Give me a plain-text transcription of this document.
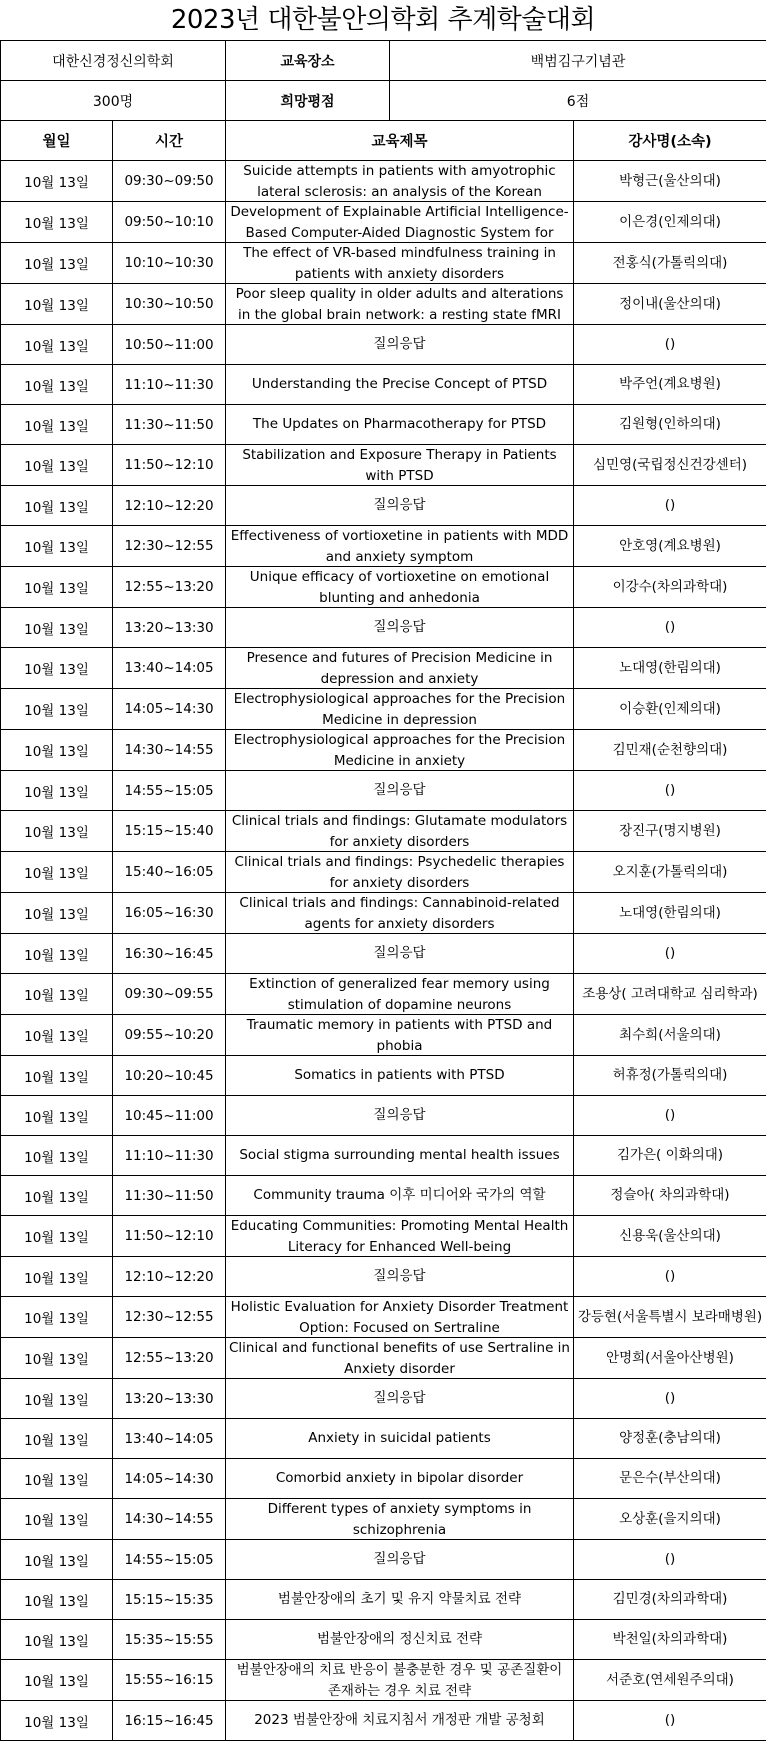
2023년 대한불안의학회 추계학술대회
대한신경정신의학회		교육장소	백범김구기념관	
300명		희망평점	6점	
월일	시간	교육제목		강사명(소속)
10월 13일	09:30~09:50	Suicide attempts in patients with amyotrophic lateral sclerosis: an analysis of the Korean		박형근(울산의대)
10월 13일	09:50~10:10	Development of Explainable Artificial Intelligence-Based Computer-Aided Diagnostic System for		이은경(인제의대)
10월 13일	10:10~10:30	The effect of VR-based mindfulness training in patients with anxiety disorders		전홍식(가톨릭의대)
10월 13일	10:30~10:50	Poor sleep quality in older adults and alterations in the global brain network: a resting state fMRI		정이내(울산의대)
10월 13일	10:50~11:00	질의응답		()
10월 13일	11:10~11:30	Understanding the Precise Concept of PTSD		박주언(계요병원)
10월 13일	11:30~11:50	The Updates on Pharmacotherapy for PTSD		김원형(인하의대)
10월 13일	11:50~12:10	Stabilization and Exposure Therapy in Patients with PTSD		심민영(국립정신건강센터)
10월 13일	12:10~12:20	질의응답		()
10월 13일	12:30~12:55	Effectiveness of vortioxetine in patients with MDD and anxiety symptom		안호영(계요병원)
10월 13일	12:55~13:20	Unique efficacy of vortioxetine on emotional blunting and anhedonia		이강수(차의과학대)
10월 13일	13:20~13:30	질의응답		()
10월 13일	13:40~14:05	Presence and futures of Precision Medicine in depression and anxiety		노대영(한림의대)
10월 13일	14:05~14:30	Electrophysiological approaches for the Precision Medicine in depression		이승환(인제의대)
10월 13일	14:30~14:55	Electrophysiological approaches for the Precision Medicine in anxiety		김민재(순천향의대)
10월 13일	14:55~15:05	질의응답		()
10월 13일	15:15~15:40	Clinical trials and findings: Glutamate modulators for anxiety disorders		장진구(명지병원)
10월 13일	15:40~16:05	Clinical trials and findings: Psychedelic therapies for anxiety disorders		오지훈(가톨릭의대)
10월 13일	16:05~16:30	Clinical trials and findings: Cannabinoid-related agents for anxiety disorders		노대영(한림의대)
10월 13일	16:30~16:45	질의응답		()
10월 13일	09:30~09:55	Extinction of generalized fear memory using stimulation of dopamine neurons		조용상( 고려대학교 심리학과)
10월 13일	09:55~10:20	Traumatic memory in patients with PTSD and phobia		최수희(서울의대)
10월 13일	10:20~10:45	Somatics in patients with PTSD		허휴정(가톨릭의대)
10월 13일	10:45~11:00	질의응답		()
10월 13일	11:10~11:30	Social stigma surrounding mental health issues		김가은( 이화의대)
10월 13일	11:30~11:50	Community trauma 이후 미디어와 국가의 역할		정슬아( 차의과학대)
10월 13일	11:50~12:10	Educating Communities: Promoting Mental Health Literacy for Enhanced Well-being		신용욱(울산의대)
10월 13일	12:10~12:20	질의응답		()
10월 13일	12:30~12:55	Holistic Evaluation for Anxiety Disorder Treatment Option: Focused on Sertraline		강등현(서울특별시 보라매병원)
10월 13일	12:55~13:20	Clinical and functional benefits of use Sertraline in Anxiety disorder		안명희(서울아산병원)
10월 13일	13:20~13:30	질의응답		()
10월 13일	13:40~14:05	Anxiety in suicidal patients		양정훈(충남의대)
10월 13일	14:05~14:30	Comorbid anxiety in bipolar disorder		문은수(부산의대)
10월 13일	14:30~14:55	Different types of anxiety symptoms in schizophrenia		오상훈(을지의대)
10월 13일	14:55~15:05	질의응답		()
10월 13일	15:15~15:35	범불안장애의 초기 및 유지 약물치료 전략		김민경(차의과학대)
10월 13일	15:35~15:55	범불안장애의 정신치료 전략		박천일(차의과학대)
10월 13일	15:55~16:15	범불안장애의 치료 반응이 불충분한 경우 및 공존질환이 존재하는 경우 치료 전략		서준호(연세원주의대)
10월 13일	16:15~16:45	2023 범불안장애 치료지침서 개정판 개발 공청회		()
